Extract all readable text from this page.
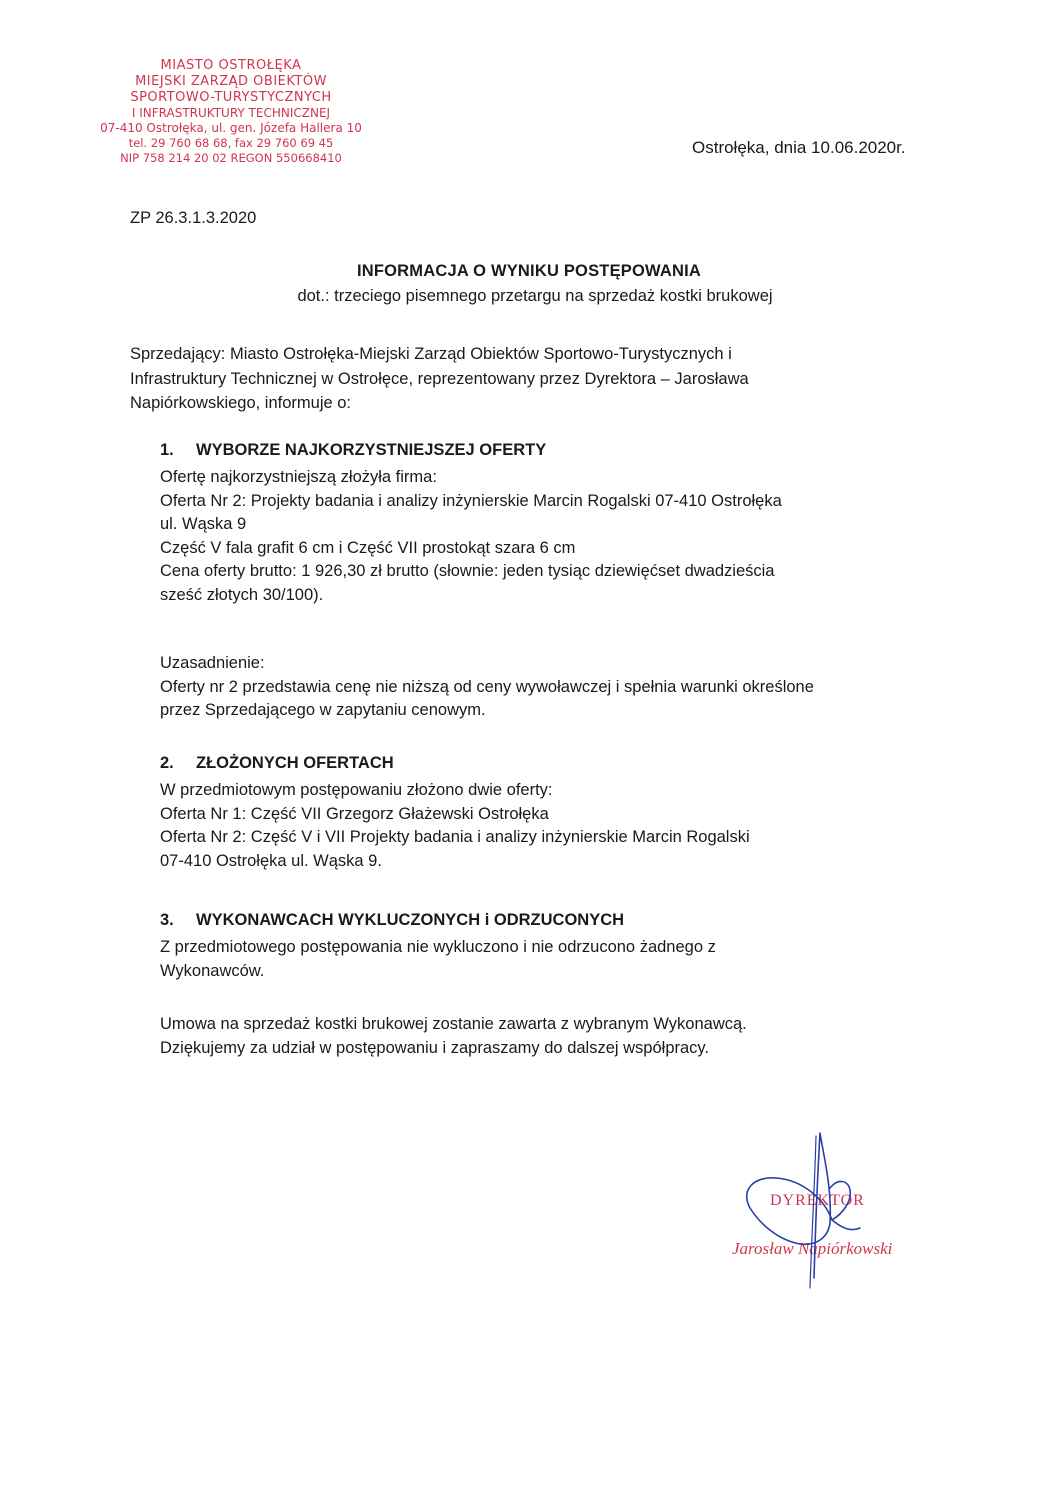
MIASTO OSTROŁĘKA
MIEJSKI ZARZĄD OBIEKTÓW
SPORTOWO-TURYSTYCZNYCH
I INFRASTRUKTURY TECHNICZNEJ
07-410 Ostrołęka, ul. gen. Józefa Hallera 10
tel. 29 760 68 68, fax 29 760 69 45
NIP 758 214 20 02 REGON 550668410
Ostrołęka, dnia 10.06.2020r.
ZP 26.3.1.3.2020
INFORMACJA O WYNIKU POSTĘPOWANIA
dot.: trzeciego pisemnego przetargu na sprzedaż kostki brukowej
Sprzedający: Miasto Ostrołęka-Miejski Zarząd Obiektów Sportowo-Turystycznych i
Infrastruktury Technicznej w Ostrołęce, reprezentowany przez Dyrektora – Jarosława
Napiórkowskiego, informuje o:
1. WYBORZE NAJKORZYSTNIEJSZEJ OFERTY
Ofertę najkorzystniejszą złożyła firma:
Oferta Nr 2: Projekty badania i analizy inżynierskie Marcin Rogalski 07-410 Ostrołęka
ul. Wąska 9
Część V fala grafit 6 cm i Część VII prostokąt szara 6 cm
Cena oferty brutto: 1 926,30 zł brutto (słownie: jeden tysiąc dziewięćset dwadzieścia
sześć złotych 30/100).
Uzasadnienie:
Oferty nr 2 przedstawia cenę nie niższą od ceny wywoławczej i spełnia warunki określone
przez Sprzedającego w zapytaniu cenowym.
2. ZŁOŻONYCH OFERTACH
W przedmiotowym postępowaniu złożono dwie oferty:
Oferta Nr 1: Część VII Grzegorz Głażewski Ostrołęka
Oferta Nr 2: Część V i VII Projekty badania i analizy inżynierskie Marcin Rogalski
07-410 Ostrołęka ul. Wąska 9.
3. WYKONAWCACH WYKLUCZONYCH i ODRZUCONYCH
Z przedmiotowego postępowania nie wykluczono i nie odrzucono żadnego z
Wykonawców.
Umowa na sprzedaż kostki brukowej zostanie zawarta z wybranym Wykonawcą.
Dziękujemy za udział w postępowaniu i zapraszamy do dalszej współpracy.
DYREKTOR
Jarosław Napiórkowski
